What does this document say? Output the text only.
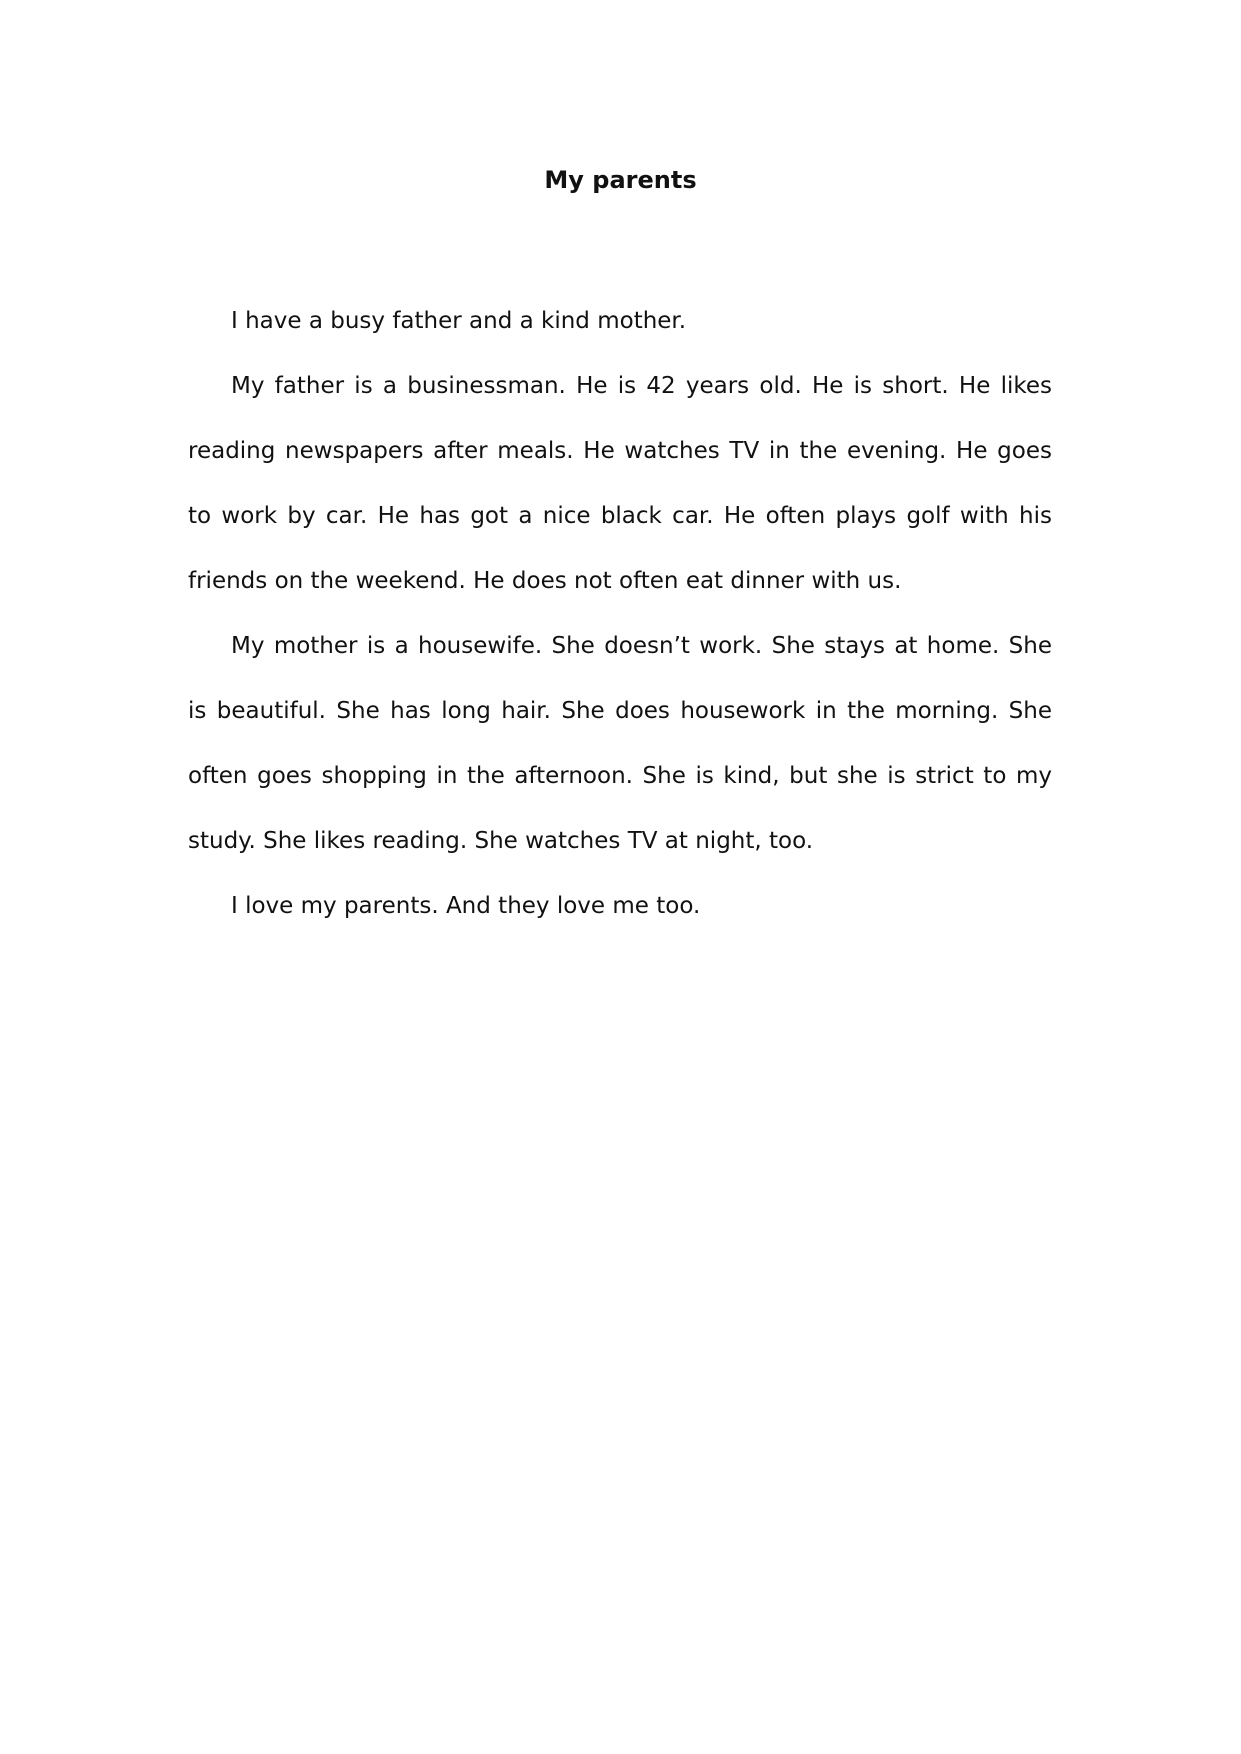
My parents

I have a busy father and a kind mother.

My father is a businessman. He is 42 years old. He is short. He likes reading newspapers after meals. He watches TV in the evening. He goes to work by car. He has got a nice black car. He often plays golf with his friends on the weekend. He does not often eat dinner with us.

My mother is a housewife. She doesn’t work. She stays at home. She is beautiful. She has long hair. She does housework in the morning. She often goes shopping in the afternoon. She is kind, but she is strict to my study. She likes reading. She watches TV at night, too.

I love my parents. And they love me too.
